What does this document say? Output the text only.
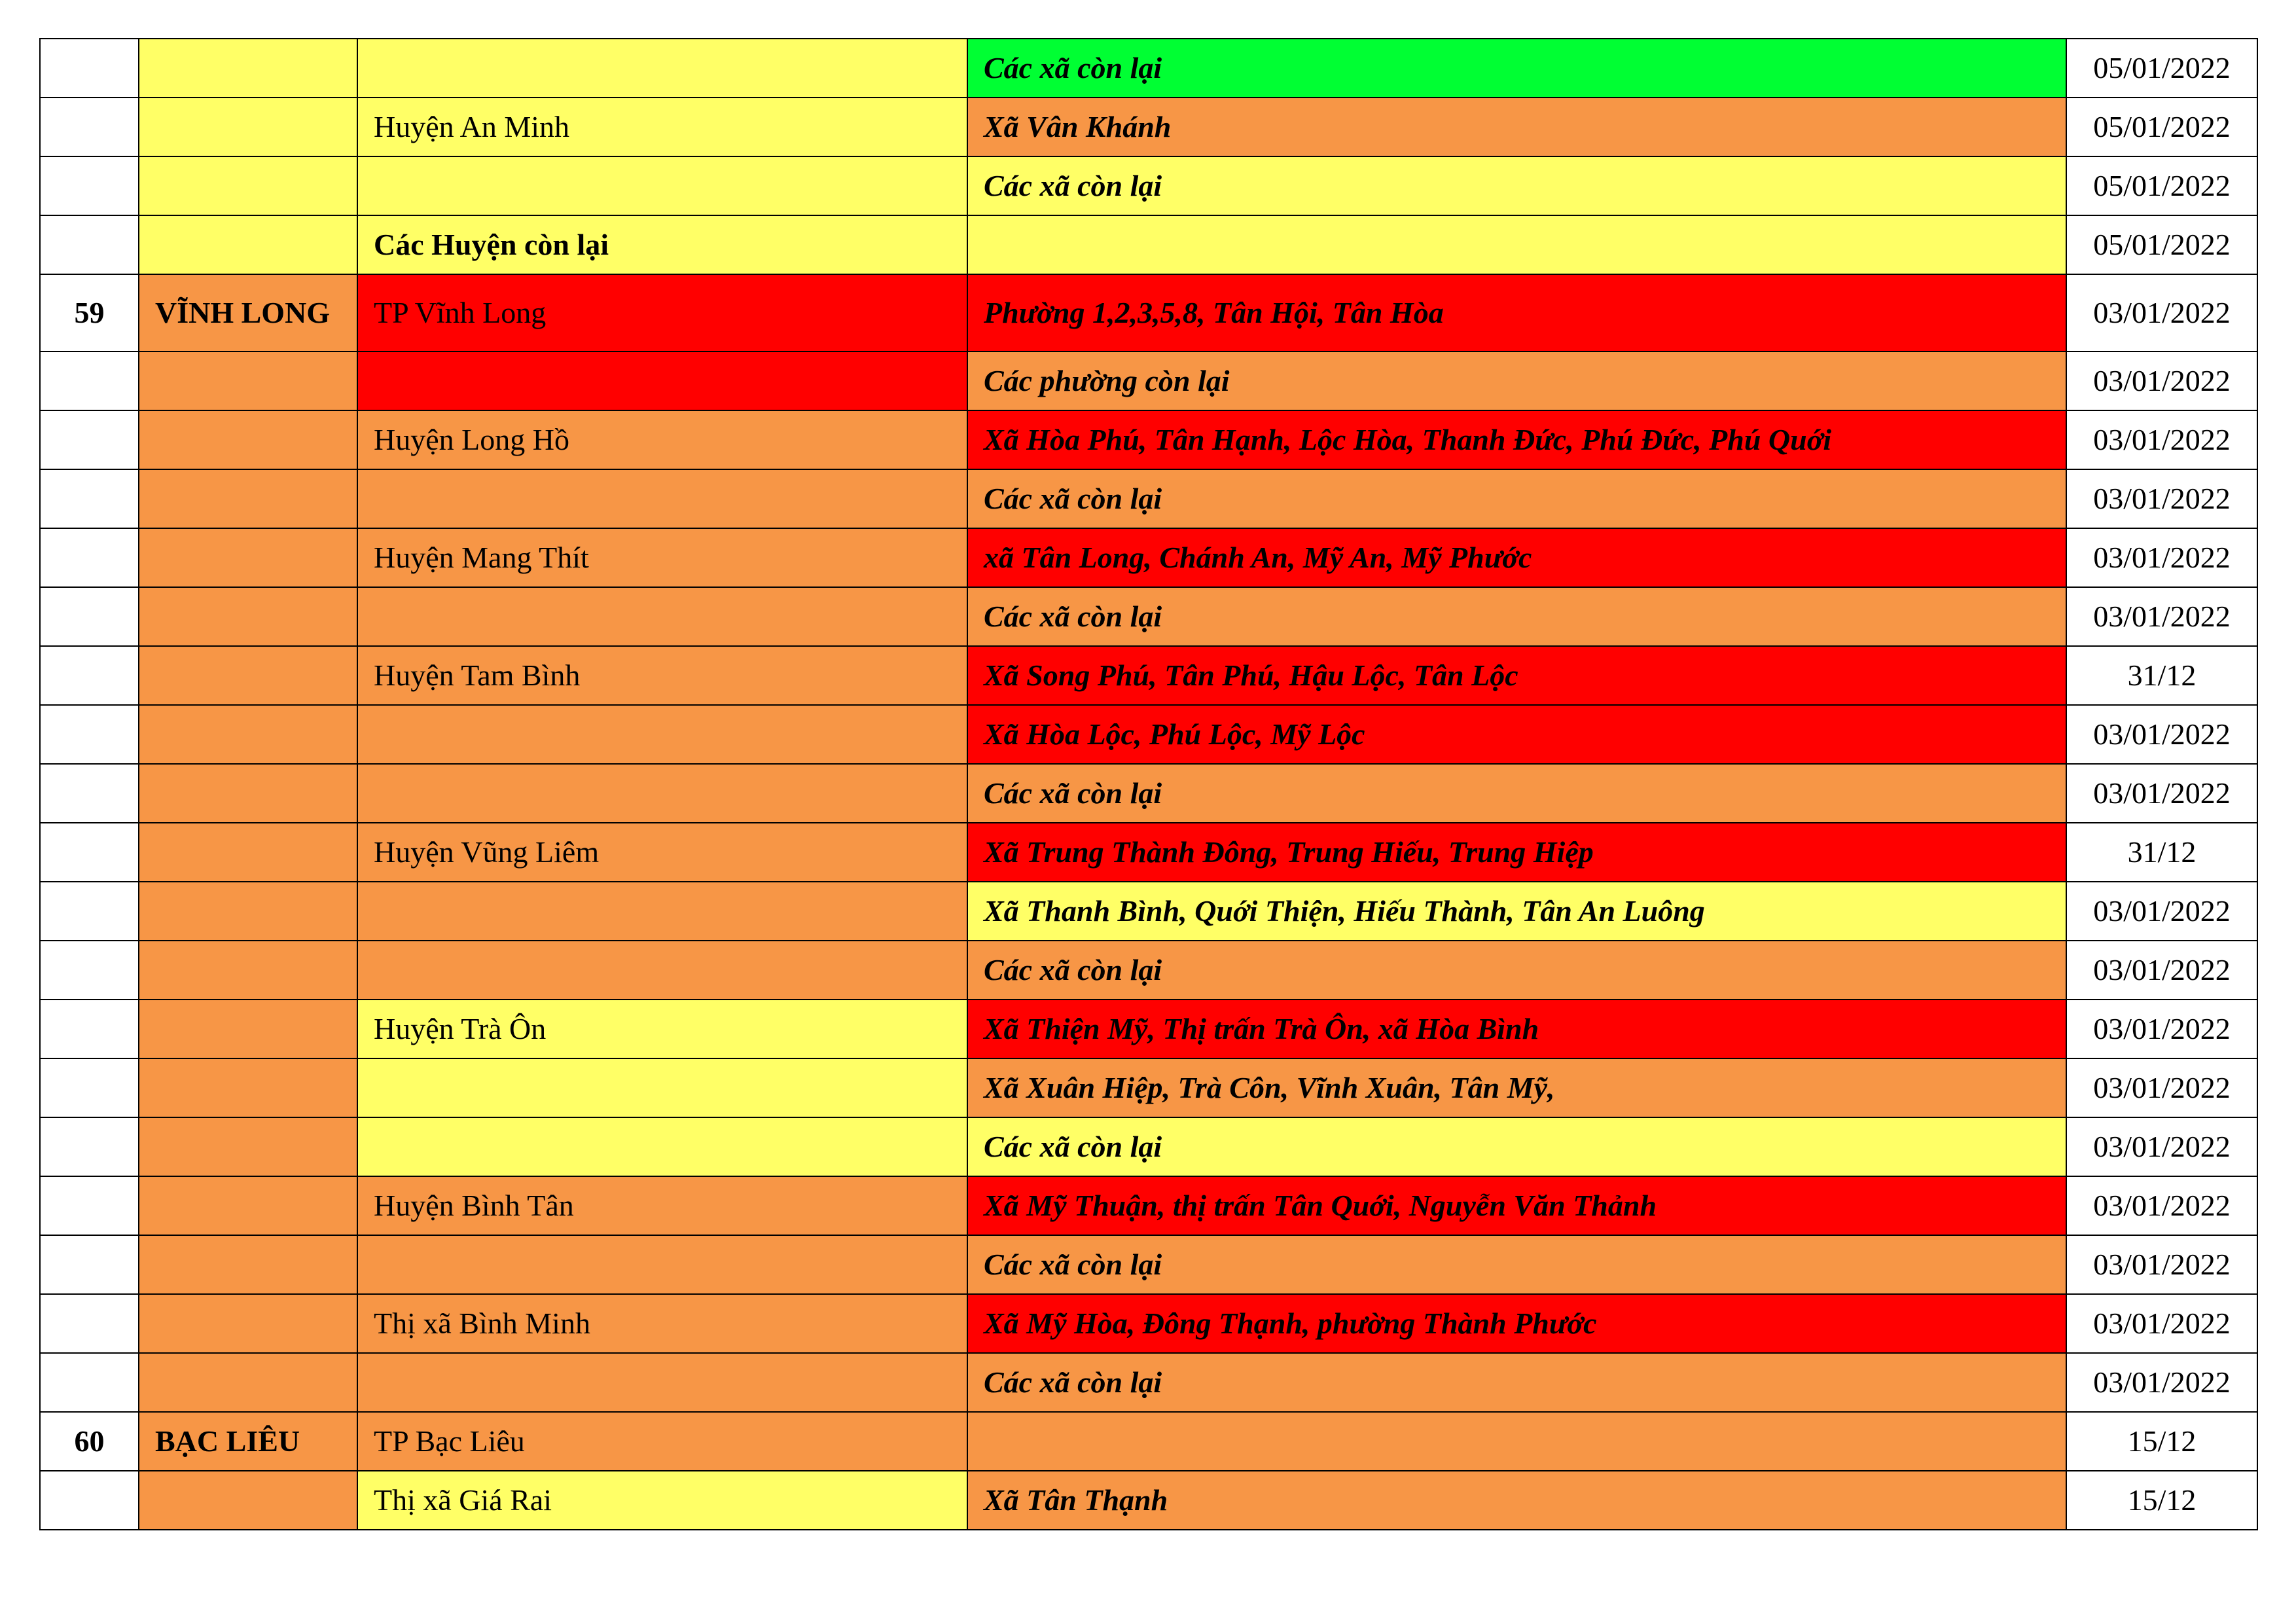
			Các xã còn lại	05/01/2022
		Huyện An Minh	Xã Vân Khánh	05/01/2022
			Các xã còn lại	05/01/2022
		Các Huyện còn lại		05/01/2022
59	VĨNH LONG	TP Vĩnh Long	Phường 1,2,3,5,8, Tân Hội, Tân Hòa	03/01/2022
			Các phường còn lại	03/01/2022
		Huyện Long Hồ	Xã Hòa Phú, Tân Hạnh, Lộc Hòa, Thanh Đức, Phú Đức, Phú Quới	03/01/2022
			Các xã còn lại	03/01/2022
		Huyện Mang Thít	xã Tân Long, Chánh An, Mỹ An, Mỹ Phước	03/01/2022
			Các xã còn lại	03/01/2022
		Huyện Tam Bình	Xã Song Phú, Tân Phú, Hậu Lộc, Tân Lộc	31/12
			Xã Hòa Lộc, Phú Lộc, Mỹ Lộc	03/01/2022
			Các xã còn lại	03/01/2022
		Huyện Vũng Liêm	Xã Trung Thành Đông, Trung Hiếu, Trung Hiệp	31/12
			Xã Thanh Bình, Quới Thiện, Hiếu Thành, Tân An Luông	03/01/2022
			Các xã còn lại	03/01/2022
		Huyện Trà Ôn	Xã Thiện Mỹ, Thị trấn Trà Ôn, xã Hòa Bình	03/01/2022
			Xã Xuân Hiệp, Trà Côn, Vĩnh Xuân, Tân Mỹ,	03/01/2022
			Các xã còn lại	03/01/2022
		Huyện Bình Tân	Xã Mỹ Thuận, thị trấn Tân Quới, Nguyễn Văn Thảnh	03/01/2022
			Các xã còn lại	03/01/2022
		Thị xã Bình Minh	Xã Mỹ Hòa, Đông Thạnh, phường Thành Phước	03/01/2022
			Các xã còn lại	03/01/2022
60	BẠC LIÊU	TP Bạc Liêu		15/12
		Thị xã Giá Rai	Xã Tân Thạnh	15/12
